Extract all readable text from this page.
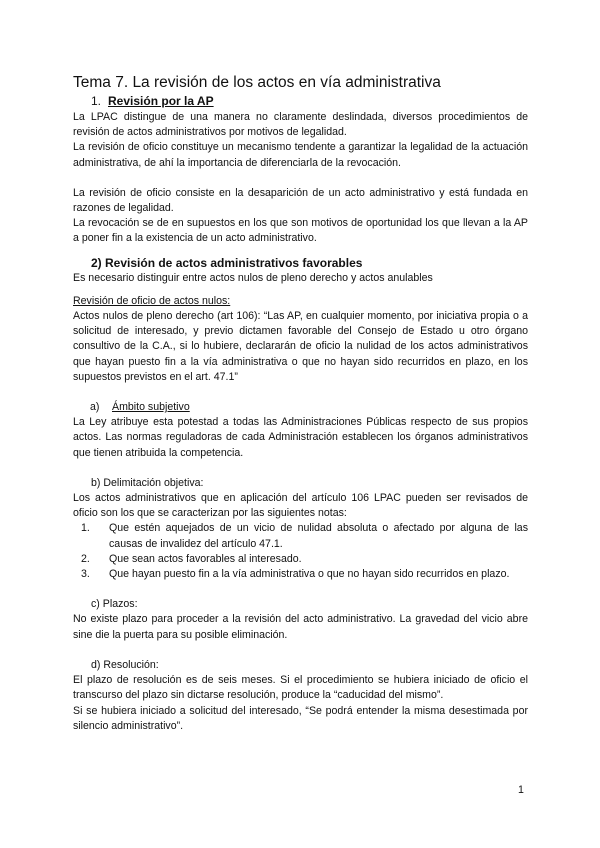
Tema 7. La revisión de los actos en vía administrativa
1. Revisión por la AP

La LPAC distingue de una manera no claramente deslindada, diversos procedimientos de revisión de actos administrativos por motivos de legalidad.

La revisión de oficio constituye un mecanismo tendente a garantizar la legalidad de la actuación administrativa, de ahí la importancia de diferenciarla de la revocación.

La revisión de oficio consiste en la desaparición de un acto administrativo y está fundada en razones de legalidad.

La revocación se de en supuestos en los que son motivos de oportunidad los que llevan a la AP a poner fin a la existencia de un acto administrativo.

2) Revisión de actos administrativos favorables

Es necesario distinguir entre actos nulos de pleno derecho y actos anulables

Revisión de oficio de actos nulos:

Actos nulos de pleno derecho (art 106): “Las AP, en cualquier momento, por iniciativa propia o a solicitud de interesado, y previo dictamen favorable del Consejo de Estado u otro órgano consultivo de la C.A., si lo hubiere, declararán de oficio la nulidad de los actos administrativos que hayan puesto fin a la vía administrativa o que no hayan sido recurridos en plazo, en los supuestos previstos en el art. 47.1”

a) Ámbito subjetivo

La Ley atribuye esta potestad a todas las Administraciones Públicas respecto de sus propios actos. Las normas reguladoras de cada Administración establecen los órganos administrativos que tienen atribuida la competencia.

b) Delimitación objetiva:

Los actos administrativos que en aplicación del artículo 106 LPAC pueden ser revisados de oficio son los que se caracterizan por las siguientes notas:

1.	Que estén aquejados de un vicio de nulidad absoluta o afectado por alguna de las causas de invalidez del artículo 47.1.
2.	Que sean actos favorables al interesado.
3.	Que hayan puesto fin a la vía administrativa o que no hayan sido recurridos en plazo.

c) Plazos:

No existe plazo para proceder a la revisión del acto administrativo. La gravedad del vicio abre sine die la puerta para su posible eliminación.

d) Resolución:

El plazo de resolución es de seis meses. Si el procedimiento se hubiera iniciado de oficio el transcurso del plazo sin dictarse resolución, produce la “caducidad del mismo”.

Si se hubiera iniciado a solicitud del interesado, “Se podrá entender la misma desestimada por silencio administrativo”.

1
